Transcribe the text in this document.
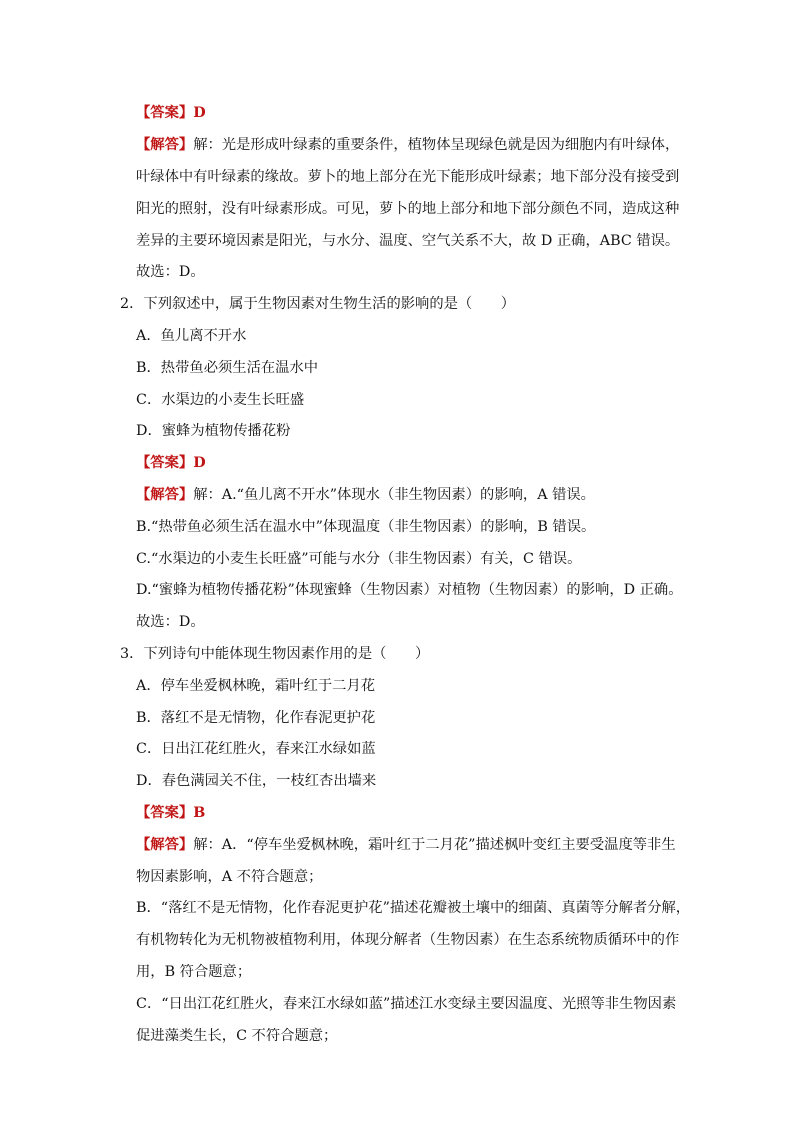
【答案】D

【解答】解：光是形成叶绿素的重要条件，植物体呈现绿色就是因为细胞内有叶绿体，

叶绿体中有叶绿素的缘故。萝卜的地上部分在光下能形成叶绿素；地下部分没有接受到

阳光的照射，没有叶绿素形成。可见，萝卜的地上部分和地下部分颜色不同，造成这种

差异的主要环境因素是阳光，与水分、温度、空气关系不大，故 D 正确，ABC 错误。

故选：D。

2．下列叙述中，属于生物因素对生物生活的影响的是（　　）

A．鱼儿离不开水

B．热带鱼必须生活在温水中

C．水渠边的小麦生长旺盛

D．蜜蜂为植物传播花粉

【答案】D

【解答】解：A.“鱼儿离不开水”体现水（非生物因素）的影响，A 错误。

B.“热带鱼必须生活在温水中”体现温度（非生物因素）的影响，B 错误。

C.“水渠边的小麦生长旺盛”可能与水分（非生物因素）有关，C 错误。

D.“蜜蜂为植物传播花粉”体现蜜蜂（生物因素）对植物（生物因素）的影响，D 正确。

故选：D。

3．下列诗句中能体现生物因素作用的是（　　）

A．停车坐爱枫林晚，霜叶红于二月花

B．落红不是无情物，化作春泥更护花

C．日出江花红胜火，春来江水绿如蓝

D．春色满园关不住，一枝红杏出墙来

【答案】B

【解答】解：A．“停车坐爱枫林晚，霜叶红于二月花”描述枫叶变红主要受温度等非生

物因素影响，A 不符合题意；

B．“落红不是无情物，化作春泥更护花”描述花瓣被土壤中的细菌、真菌等分解者分解，

有机物转化为无机物被植物利用，体现分解者（生物因素）在生态系统物质循环中的作

用，B 符合题意；

C．“日出江花红胜火，春来江水绿如蓝”描述江水变绿主要因温度、光照等非生物因素

促进藻类生长，C 不符合题意；
